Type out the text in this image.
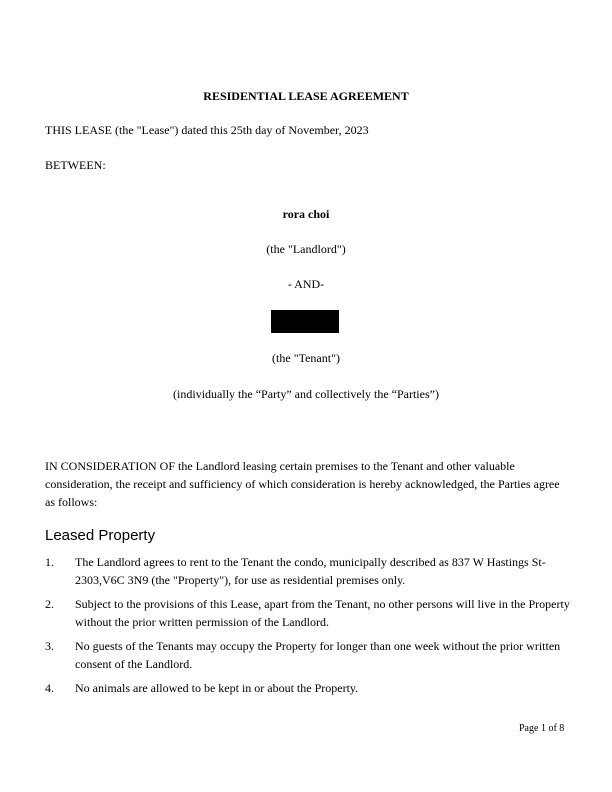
RESIDENTIAL LEASE AGREEMENT
THIS LEASE (the "Lease") dated this 25th day of November, 2023
BETWEEN:
rora choi
(the "Landlord")
- AND-
(the "Tenant")
(individually the “Party” and collectively the “Parties”)
IN CONSIDERATION OF the Landlord leasing certain premises to the Tenant and other valuable consideration, the receipt and sufficiency of which consideration is hereby acknowledged, the Parties agree as follows:
Leased Property
1.	The Landlord agrees to rent to the Tenant the condo, municipally described as 837 W Hastings St-2303,V6C 3N9 (the "Property"), for use as residential premises only.
2.	Subject to the provisions of this Lease, apart from the Tenant, no other persons will live in the Property without the prior written permission of the Landlord.
3.	No guests of the Tenants may occupy the Property for longer than one week without the prior written consent of the Landlord.
4.	No animals are allowed to be kept in or about the Property.
Page 1 of 8
